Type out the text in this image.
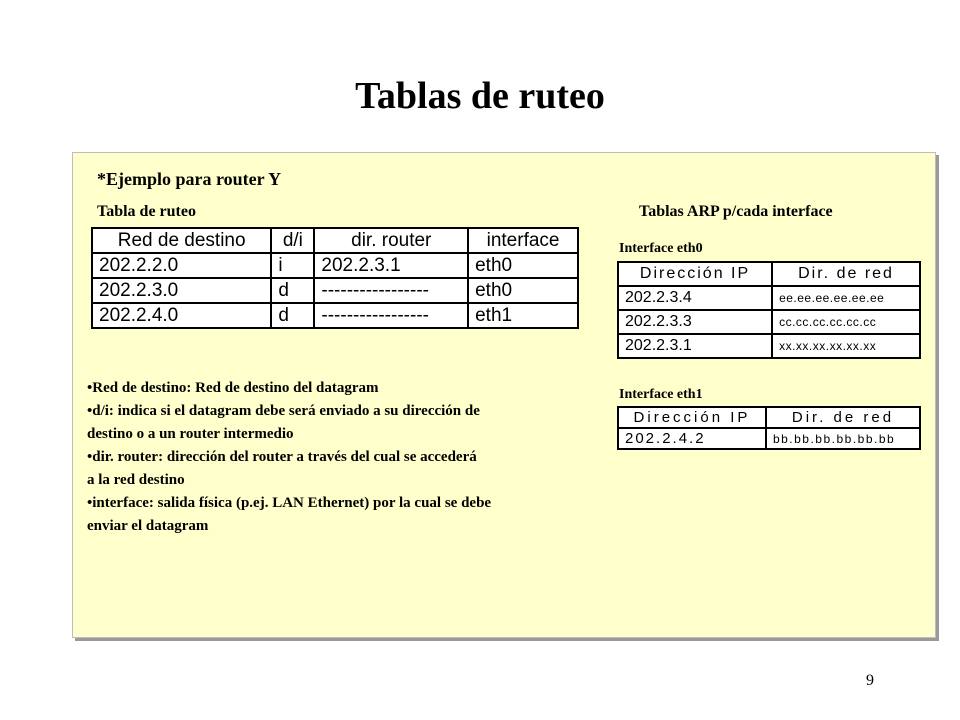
Tablas de ruteo
*Ejemplo para router Y
Tabla de ruteo	Tablas ARP p/cada interface
Red de destino	d/i	dir. router	interface
202.2.2.0	i	202.2.3.1	eth0
202.2.3.0	d	-----------------	eth0
202.2.4.0	d	-----------------	eth1
Interface eth0
Dirección IP	Dir. de red
202.2.3.4	ee.ee.ee.ee.ee.ee
202.2.3.3	cc.cc.cc.cc.cc.cc
202.2.3.1	xx.xx.xx.xx.xx.xx
Interface eth1
Dirección IP	Dir. de red
202.2.4.2	bb.bb.bb.bb.bb.bb
•Red de destino: Red de destino del datagram
•d/i: indica si el datagram debe será enviado a su dirección de
destino o a un router intermedio
•dir. router: dirección del router a través del cual se accederá
a la red destino
•interface: salida física (p.ej. LAN Ethernet) por la cual se debe
enviar el datagram
9
